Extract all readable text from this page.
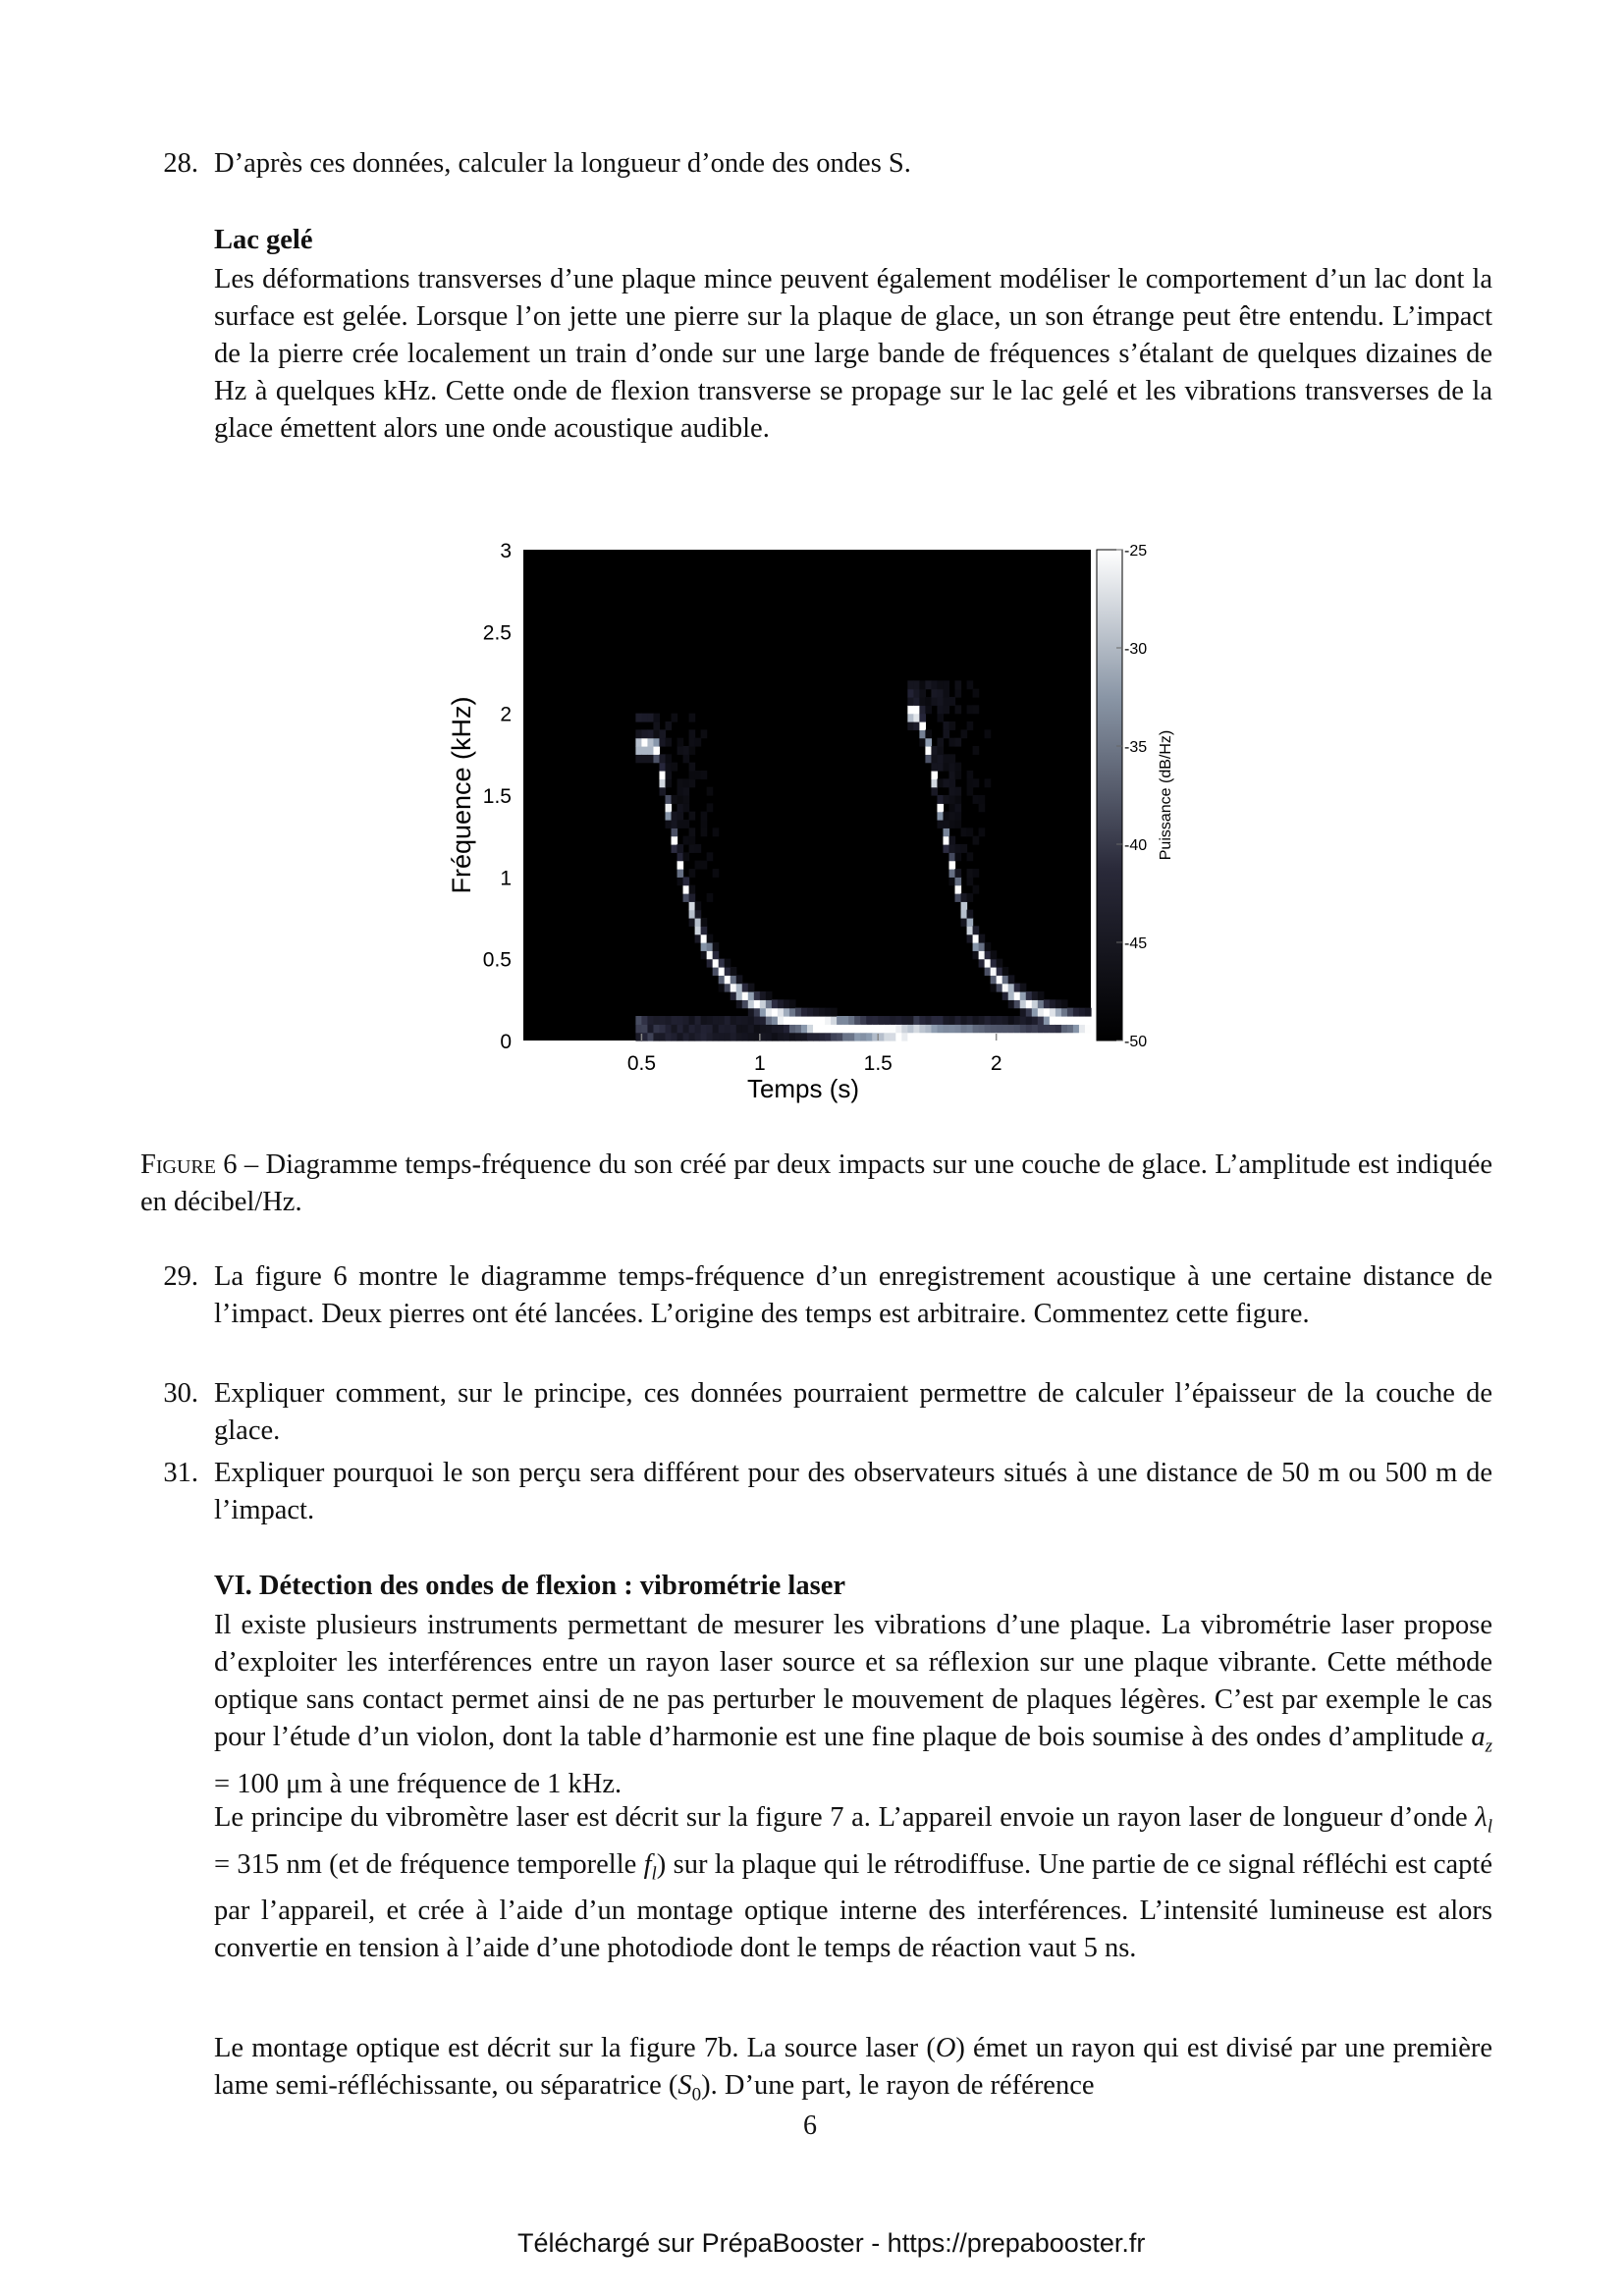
28. D’après ces données, calculer la longueur d’onde des ondes S.
Lac gelé
Les déformations transverses d’une plaque mince peuvent également modéliser le comportement d’un lac dont la surface est gelée. Lorsque l’on jette une pierre sur la plaque de glace, un son étrange peut être entendu. L’impact de la pierre crée localement un train d’onde sur une large bande de fréquences s’étalant de quelques dizaines de Hz à quelques kHz. Cette onde de flexion transverse se propage sur le lac gelé et les vibrations transverses de la glace émettent alors une onde acoustique audible.
0.5	1	1.5	2
0
0.5
1
1.5
2
2.5
3	-25
-30
-35
-40
-45
-50
Fréquence (kHz)
Temps (s)
Puissance (dB/Hz)
Figure 6 – Diagramme temps-fréquence du son créé par deux impacts sur une couche de glace. L’amplitude est indiquée en décibel/Hz.
29. La figure 6 montre le diagramme temps-fréquence d’un enregistrement acoustique à une certaine distance de l’impact. Deux pierres ont été lancées. L’origine des temps est arbitraire. Commentez cette figure.
30. Expliquer comment, sur le principe, ces données pourraient permettre de calculer l’épaisseur de la couche de glace.
31. Expliquer pourquoi le son perçu sera différent pour des observateurs situés à une distance de 50 m ou 500 m de l’impact.
VI. Détection des ondes de flexion : vibrométrie laser
Il existe plusieurs instruments permettant de mesurer les vibrations d’une plaque. La vibrométrie laser propose d’exploiter les interférences entre un rayon laser source et sa réflexion sur une plaque vibrante. Cette méthode optique sans contact permet ainsi de ne pas perturber le mouvement de plaques légères. C’est par exemple le cas pour l’étude d’un violon, dont la table d’harmonie est une fine plaque de bois soumise à des ondes d’amplitude $a_z = 100$ μm à une fréquence de 1 kHz.
Le principe du vibromètre laser est décrit sur la figure 7 a. L’appareil envoie un rayon laser de longueur d’onde $\lambda_l = 315$ nm (et de fréquence temporelle $f_l$) sur la plaque qui le rétrodiffuse. Une partie de ce signal réfléchi est capté par l’appareil, et crée à l’aide d’un montage optique interne des interférences. L’intensité lumineuse est alors convertie en tension à l’aide d’une photodiode dont le temps de réaction vaut 5 ns.
Le montage optique est décrit sur la figure 7b. La source laser (O) émet un rayon qui est divisé par une première lame semi-réfléchissante, ou séparatrice $(S_0)$. D’une part, le rayon de référence
6
Téléchargé sur PrépaBooster - https://prepabooster.fr
